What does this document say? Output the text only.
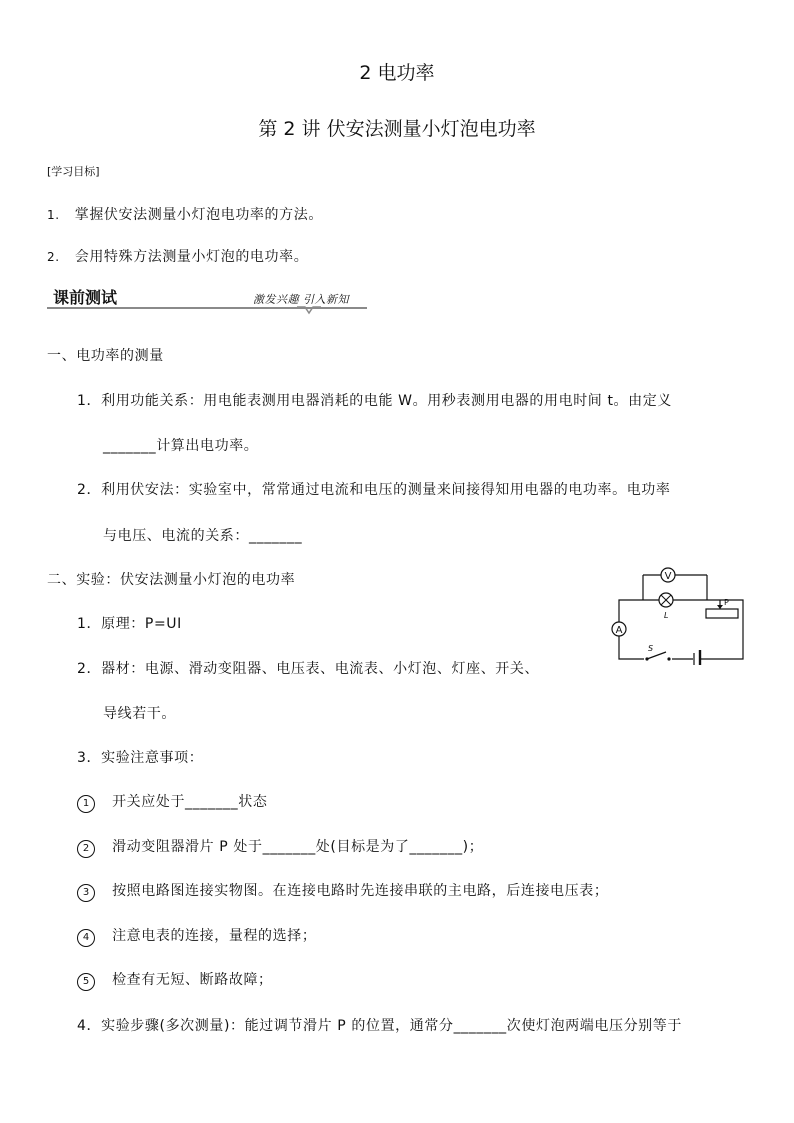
2 电功率
第 2 讲 伏安法测量小灯泡电功率
[学习目标]
1. 掌握伏安法测量小灯泡电功率的方法。
2. 会用特殊方法测量小灯泡的电功率。
课前测试	激发兴趣 引入新知
一、电功率的测量
1．利用功能关系：用电能表测用电器消耗的电能 W。用秒表测用电器的用电时间 t。由定义
_______计算出电功率。
2．利用伏安法：实验室中，常常通过电流和电压的测量来间接得知用电器的电功率。电功率
与电压、电流的关系：_______
二、实验：伏安法测量小灯泡的电功率
1．原理：P=UI
2．器材：电源、滑动变阻器、电压表、电流表、小灯泡、灯座、开关、
导线若干。
3．实验注意事项：
1 开关应处于_______状态
2 滑动变阻器滑片 P 处于_______处(目标是为了_______)；
3 按照电路图连接实物图。在连接电路时先连接串联的主电路，后连接电压表；
4 注意电表的连接，量程的选择；
5 检查有无短、断路故障；
4．实验步骤(多次测量)：能过调节滑片 P 的位置，通常分_______次使灯泡两端电压分别等于
V
L
P
A
S
